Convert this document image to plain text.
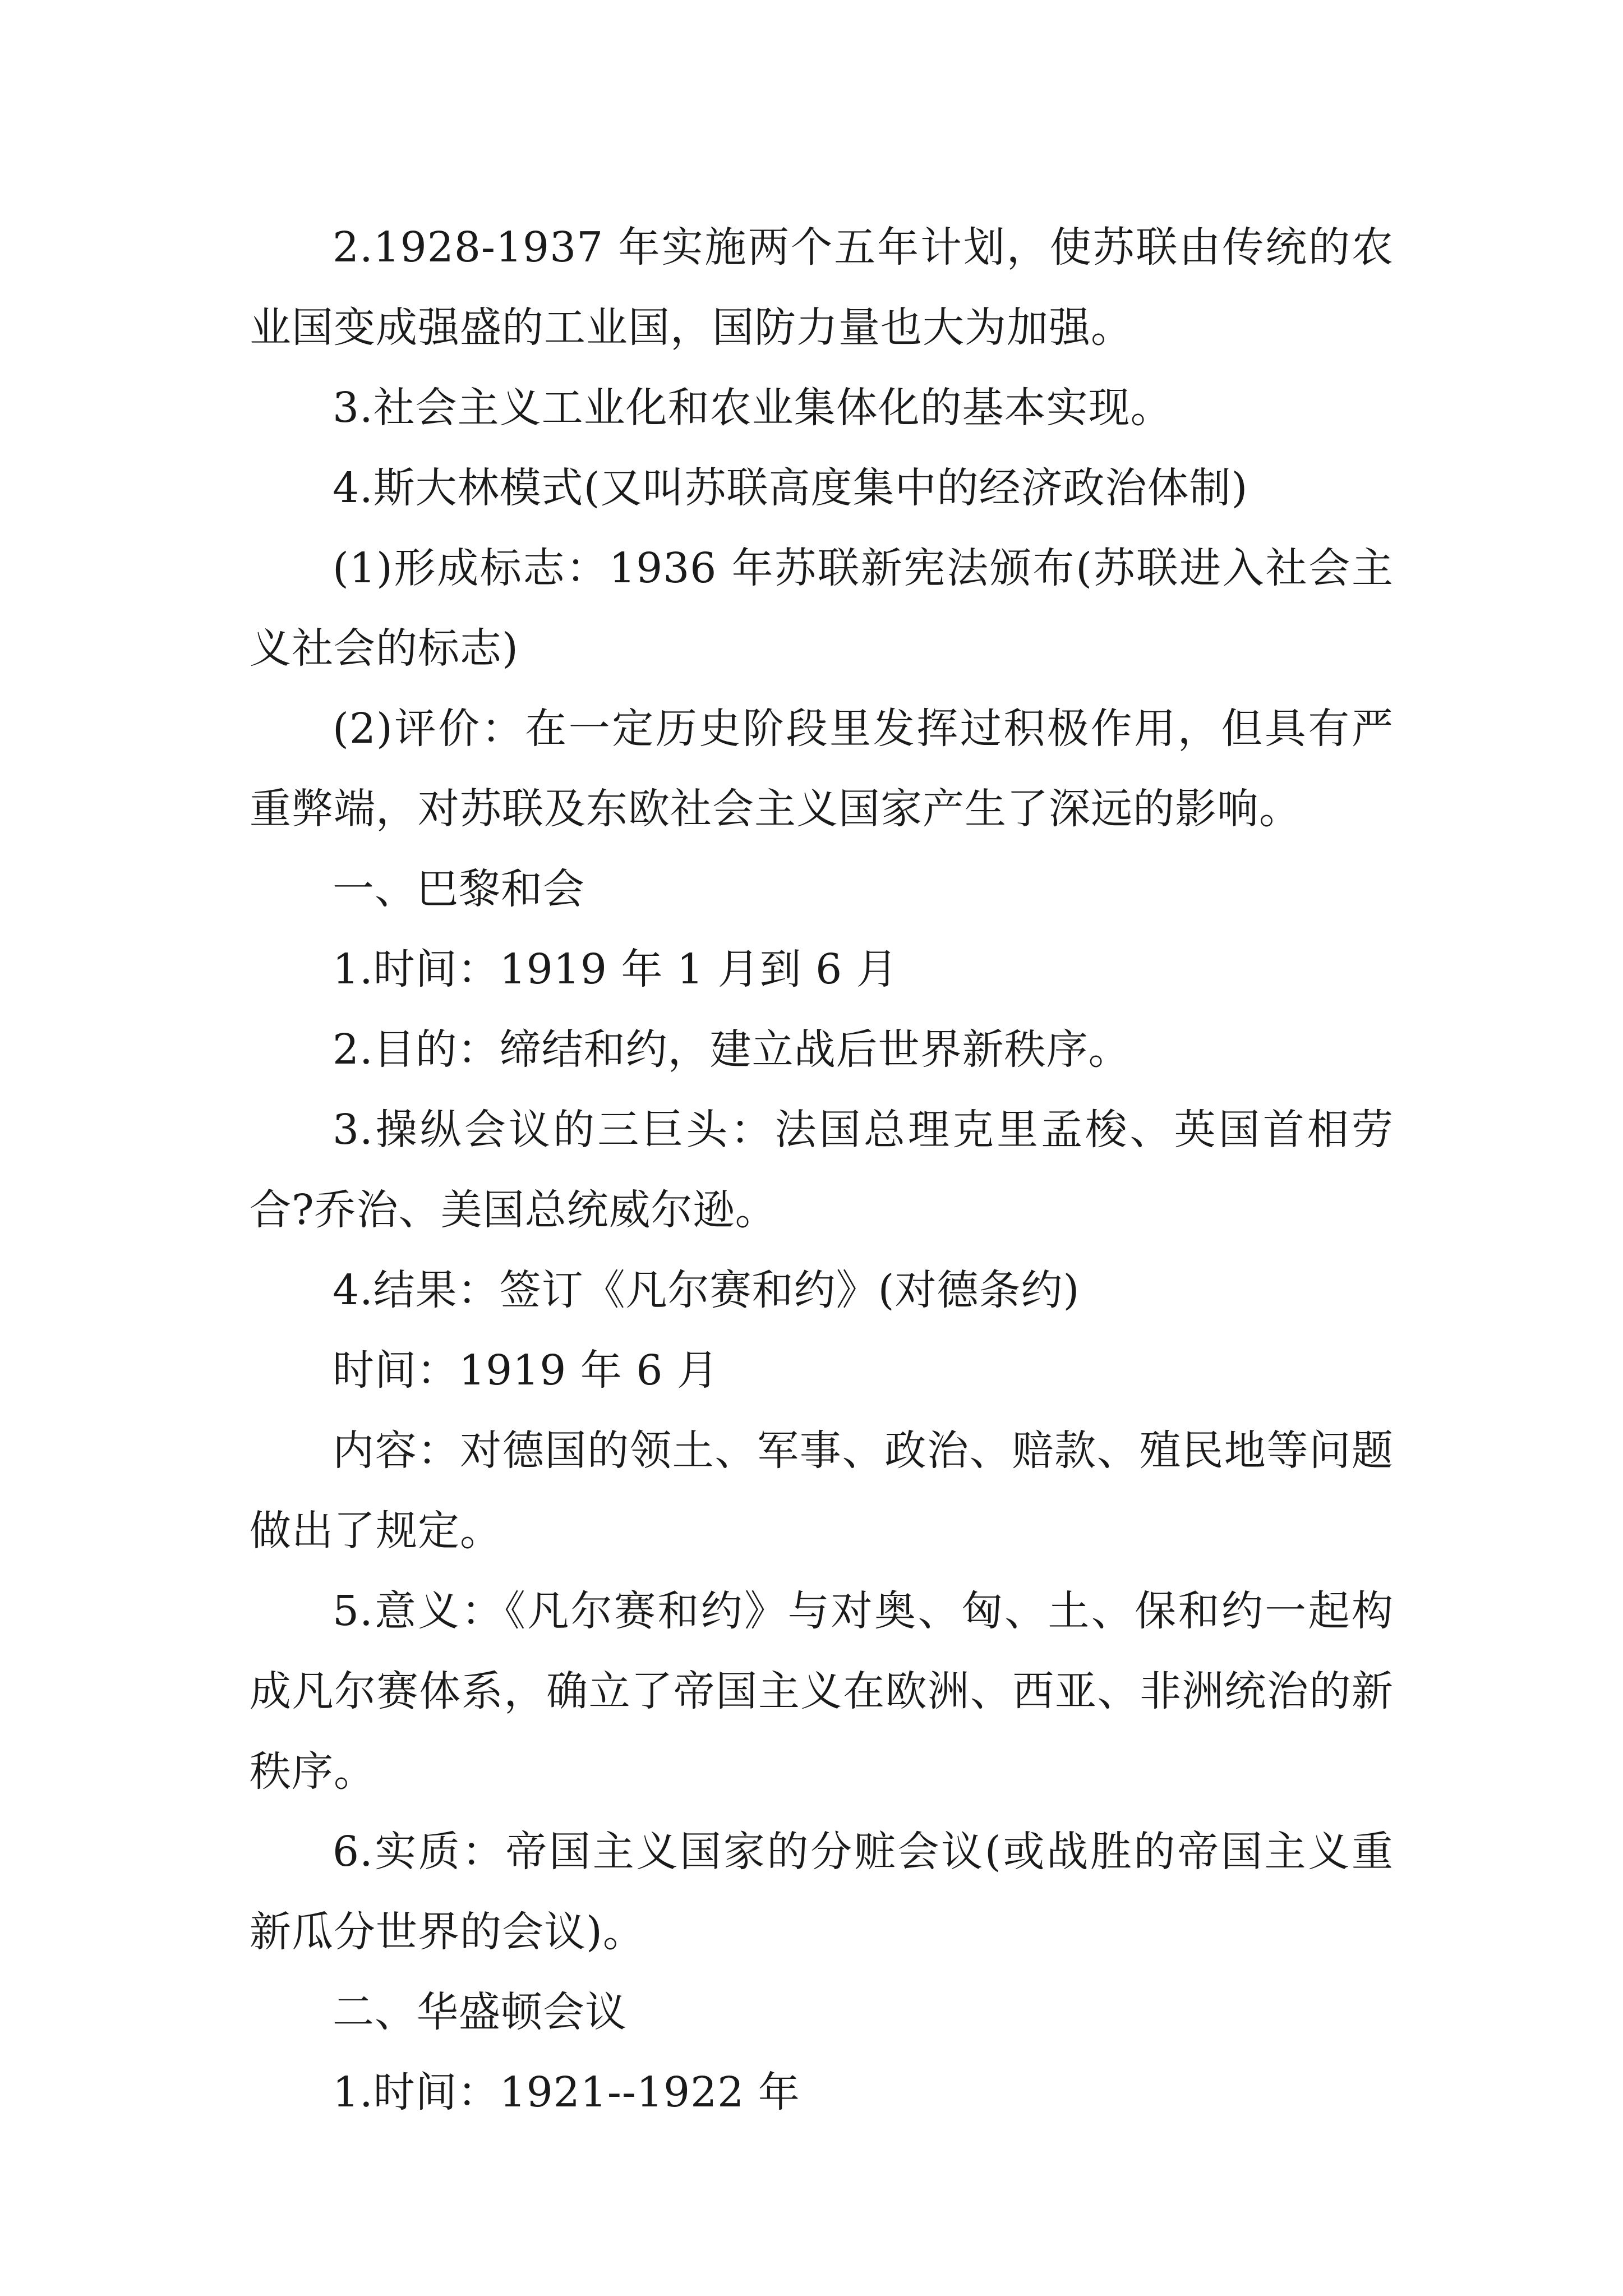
2.1928-1937 年实施两个五年计划，使苏联由传统的农业国变成强盛的工业国，国防力量也大为加强。

3.社会主义工业化和农业集体化的基本实现。

4.斯大林模式(又叫苏联高度集中的经济政治体制)

(1)形成标志：1936 年苏联新宪法颁布(苏联进入社会主义社会的标志)

(2)评价：在一定历史阶段里发挥过积极作用，但具有严重弊端，对苏联及东欧社会主义国家产生了深远的影响。

一、巴黎和会

1.时间：1919 年 1 月到 6 月

2.目的：缔结和约，建立战后世界新秩序。

3.操纵会议的三巨头：法国总理克里孟梭、英国首相劳合?乔治、美国总统威尔逊。

4.结果：签订《凡尔赛和约》(对德条约)

时间：1919 年 6 月

内容：对德国的领土、军事、政治、赔款、殖民地等问题做出了规定。

5.意义：《凡尔赛和约》与对奥、匈、土、保和约一起构成凡尔赛体系，确立了帝国主义在欧洲、西亚、非洲统治的新秩序。

6.实质：帝国主义国家的分赃会议(或战胜的帝国主义重新瓜分世界的会议)。

二、华盛顿会议

1.时间：1921--1922 年
